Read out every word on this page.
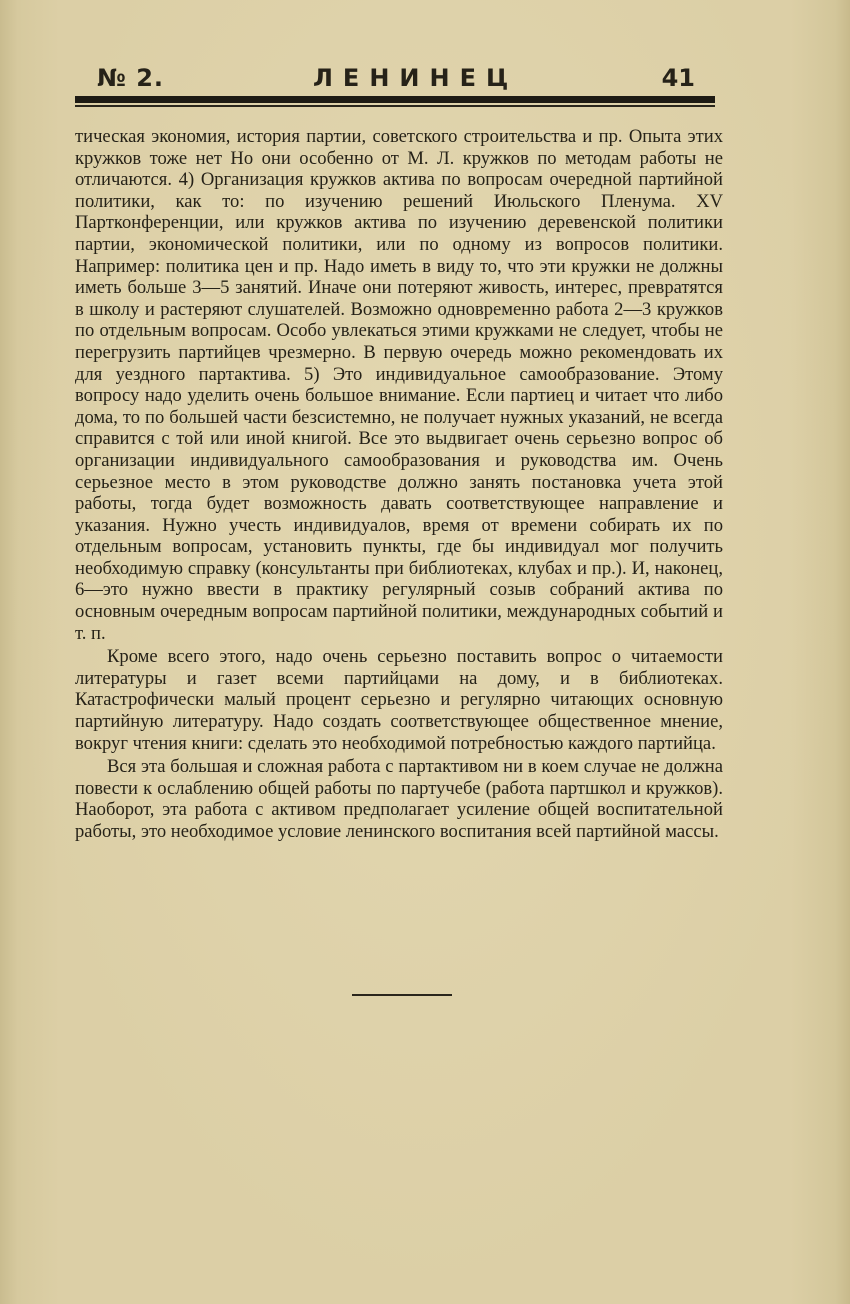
№ 2.	ЛЕНИНЕЦ	41

тическая экономия, история партии, советского строительства и пр. Опыта этих кружков тоже нет Но они особенно от М. Л. кружков по методам работы не отличаются. 4) Организация кружков актива по вопросам очередной партийной политики, как то: по изучению решений Июльского Пленума. XV Партконференции, или кружков актива по изучению деревенской политики партии, экономической политики, или по одному из вопросов политики. Например: политика цен и пр. Надо иметь в виду то, что эти кружки не должны иметь больше 3—5 занятий. Иначе они потеряют живость, интерес, превратятся в школу и растеряют слушателей. Возможно одновременно работа 2—3 кружков по отдельным вопросам. Особо увлекаться этими кружками не следует, чтобы не перегрузить партийцев чрезмерно. В первую очередь можно рекомендовать их для уездного партактива. 5) Это индивидуальное самообразование. Этому вопросу надо уделить очень большое внимание. Если партиец и читает что либо дома, то по большей части безсистемно, не получает нужных указаний, не всегда справится с той или иной книгой. Все это выдвигает очень серьезно вопрос об организации индивидуального самообразования и руководства им. Очень серьезное место в этом руководстве должно занять постановка учета этой работы, тогда будет возможность давать соответствующее направление и указания. Нужно учесть индивидуалов, время от времени собирать их по отдельным вопросам, установить пункты, где бы индивидуал мог получить необходимую справку (консультанты при библиотеках, клубах и пр.). И, наконец, 6—это нужно ввести в практику регулярный созыв собраний актива по основным очередным вопросам партийной политики, международных событий и т. п.

Кроме всего этого, надо очень серьезно поставить вопрос о читаемости литературы и газет всеми партийцами на дому, и в библиотеках. Катастрофически малый процент серьезно и регулярно читающих основную партийную литературу. Надо создать соответствующее общественное мнение, вокруг чтения книги: сделать это необходимой потребностью каждого партийца.

Вся эта большая и сложная работа с партактивом ни в коем случае не должна повести к ослаблению общей работы по партучебе (работа партшкол и кружков). Наоборот, эта работа с активом предполагает усиление общей воспитательной работы, это необходимое условие ленинского воспитания всей партийной массы.
